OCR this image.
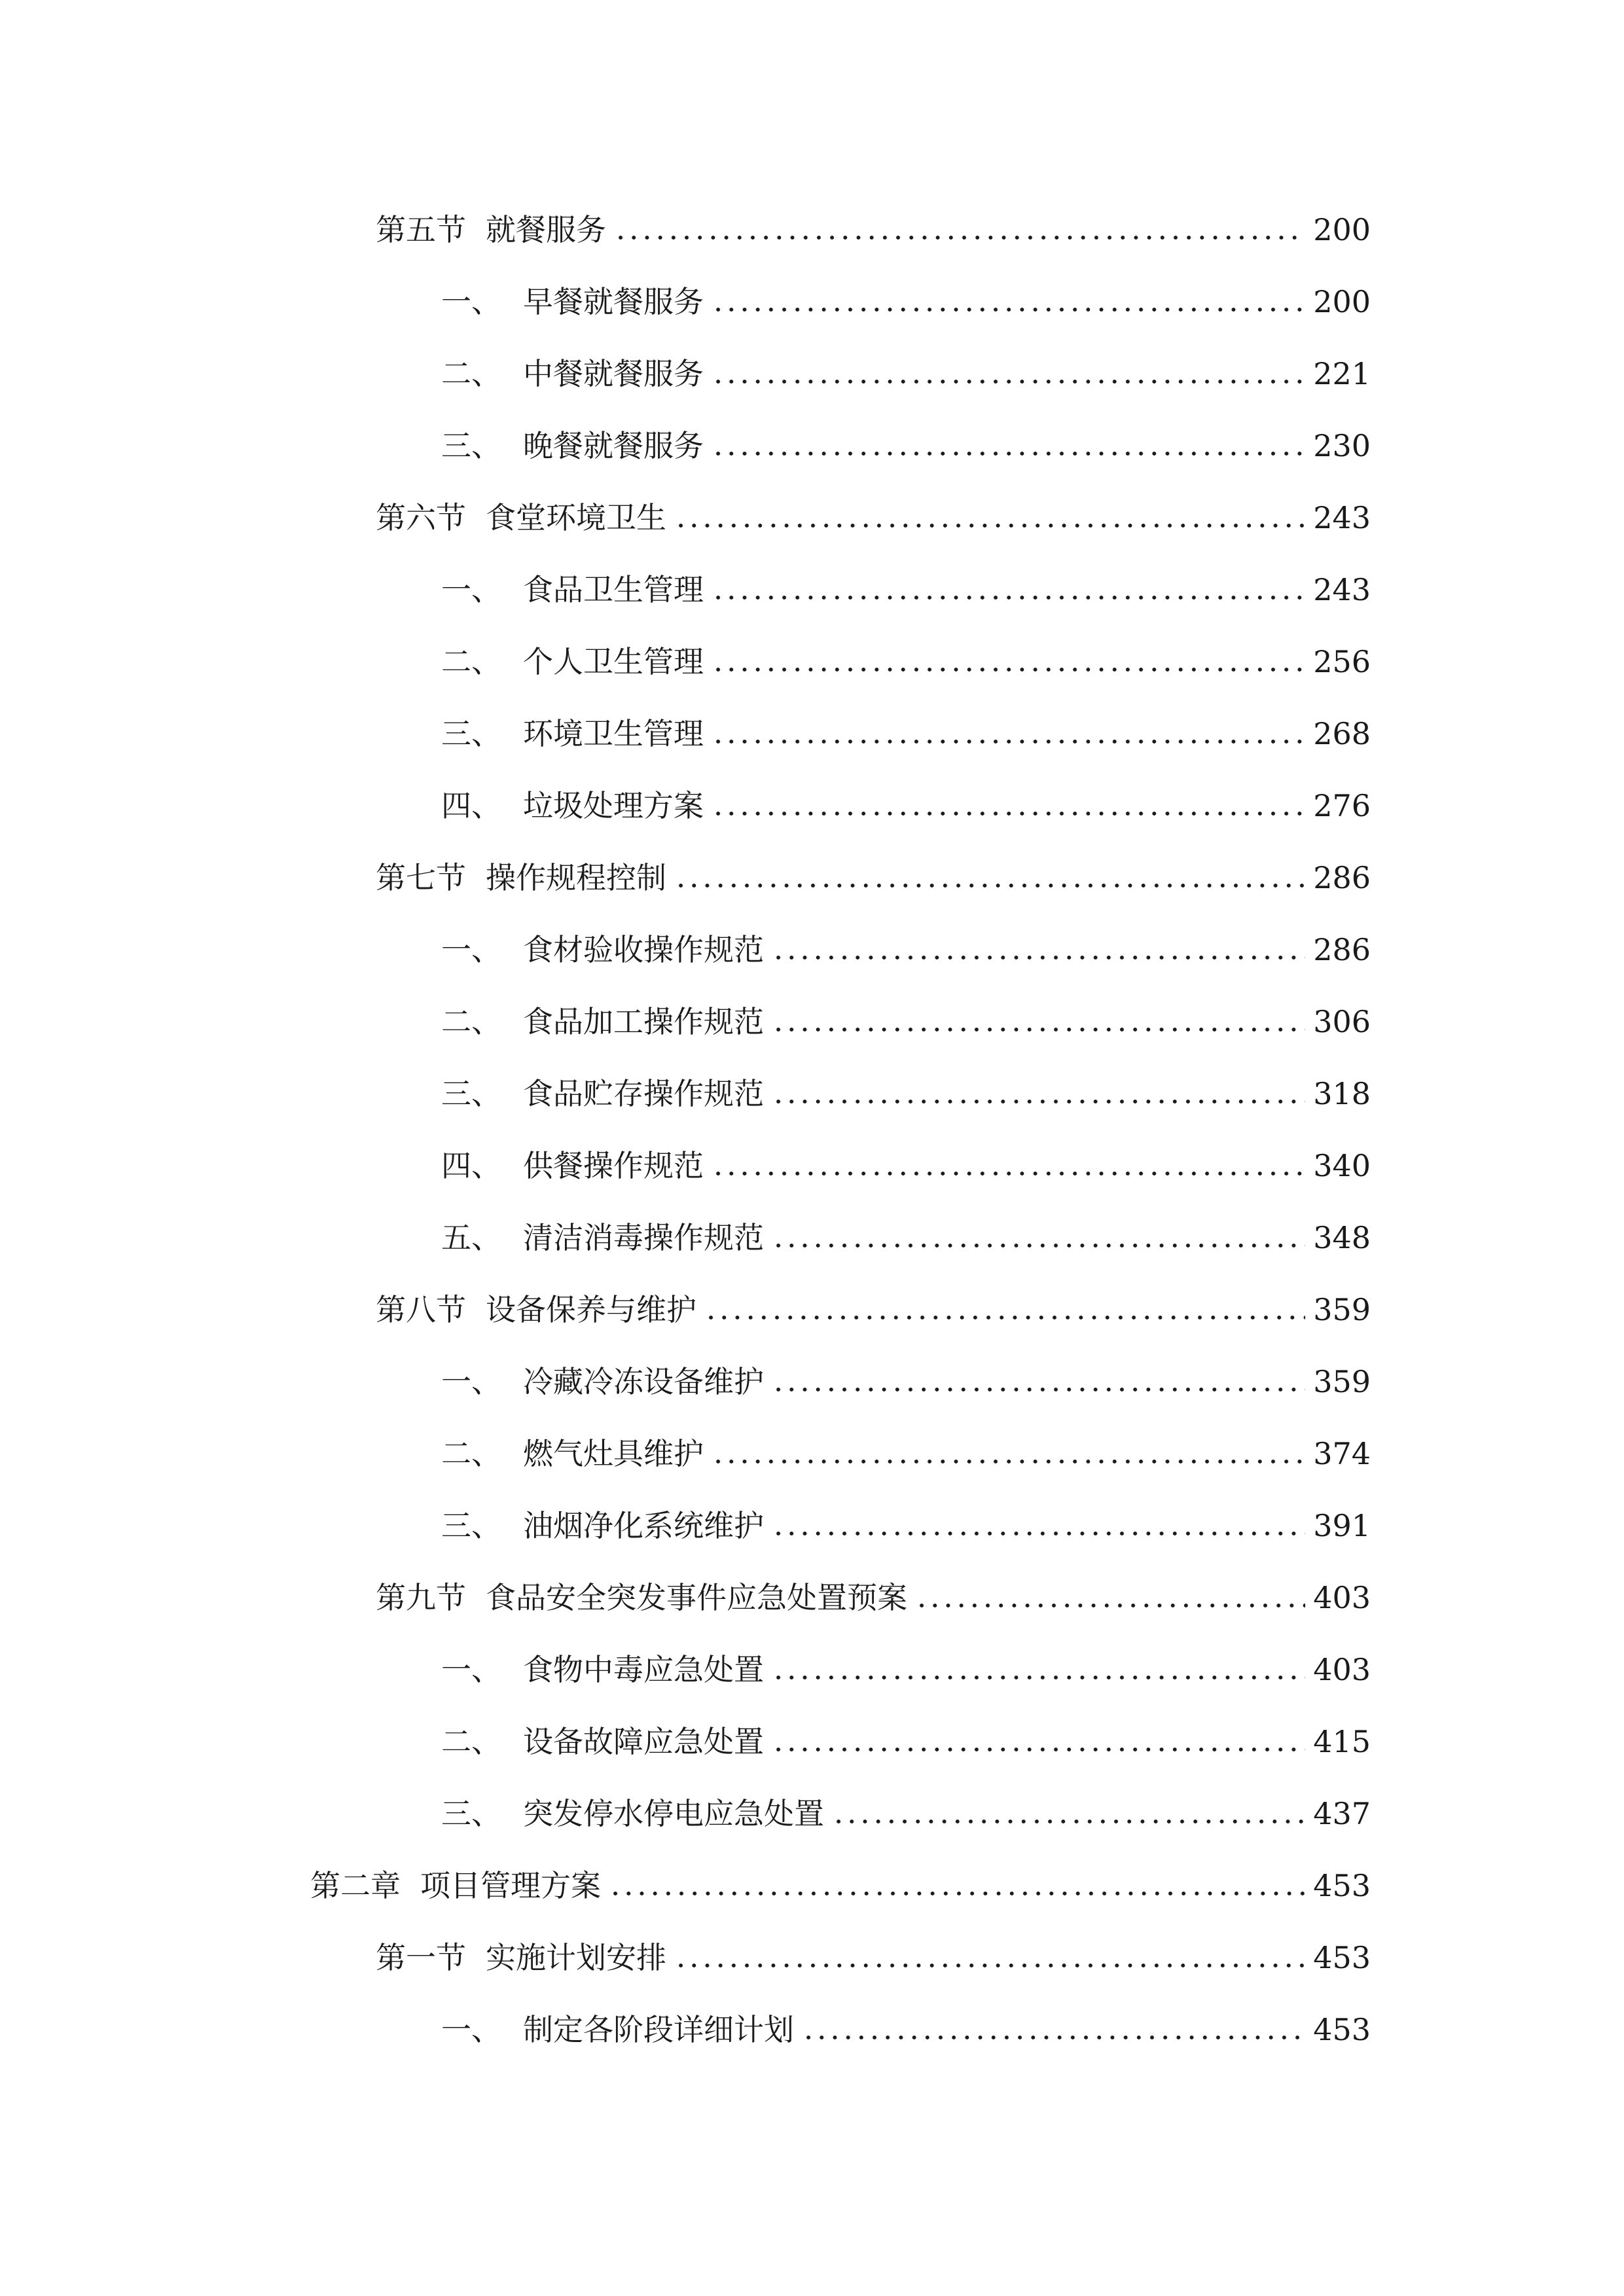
第五节 就餐服务	200
一、 早餐就餐服务	200
二、 中餐就餐服务	221
三、 晚餐就餐服务	230
第六节 食堂环境卫生	243
一、 食品卫生管理	243
二、 个人卫生管理	256
三、 环境卫生管理	268
四、 垃圾处理方案	276
第七节 操作规程控制	286
一、 食材验收操作规范	286
二、 食品加工操作规范	306
三、 食品贮存操作规范	318
四、 供餐操作规范	340
五、 清洁消毒操作规范	348
第八节 设备保养与维护	359
一、 冷藏冷冻设备维护	359
二、 燃气灶具维护	374
三、 油烟净化系统维护	391
第九节 食品安全突发事件应急处置预案	403
一、 食物中毒应急处置	403
二、 设备故障应急处置	415
三、 突发停水停电应急处置	437
第二章 项目管理方案	453
第一节 实施计划安排	453
一、 制定各阶段详细计划	453
